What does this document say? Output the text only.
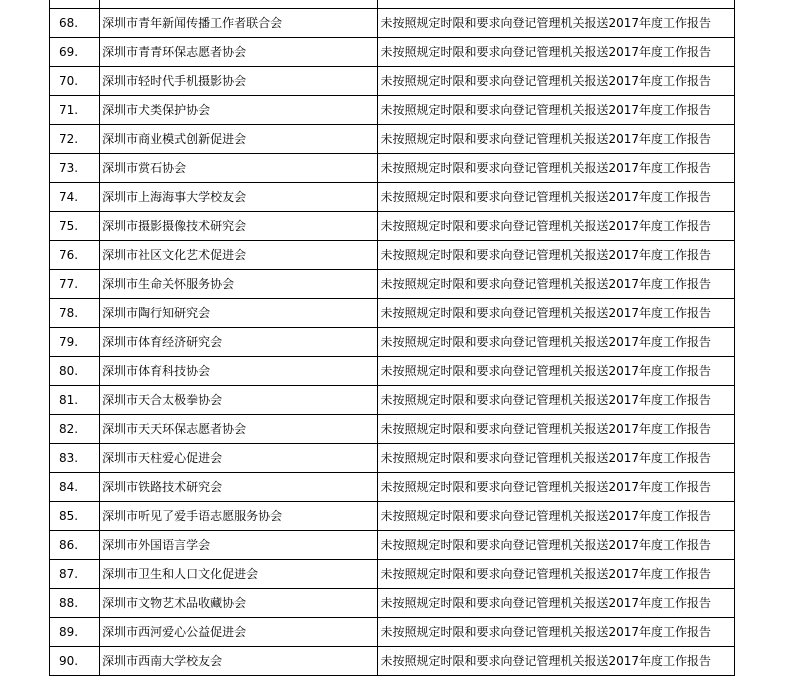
68.	深圳市青年新闻传播工作者联合会	未按照规定时限和要求向登记管理机关报送2017年度工作报告
69.	深圳市青青环保志愿者协会	未按照规定时限和要求向登记管理机关报送2017年度工作报告
70.	深圳市轻时代手机摄影协会	未按照规定时限和要求向登记管理机关报送2017年度工作报告
71.	深圳市犬类保护协会	未按照规定时限和要求向登记管理机关报送2017年度工作报告
72.	深圳市商业模式创新促进会	未按照规定时限和要求向登记管理机关报送2017年度工作报告
73.	深圳市赏石协会	未按照规定时限和要求向登记管理机关报送2017年度工作报告
74.	深圳市上海海事大学校友会	未按照规定时限和要求向登记管理机关报送2017年度工作报告
75.	深圳市摄影摄像技术研究会	未按照规定时限和要求向登记管理机关报送2017年度工作报告
76.	深圳市社区文化艺术促进会	未按照规定时限和要求向登记管理机关报送2017年度工作报告
77.	深圳市生命关怀服务协会	未按照规定时限和要求向登记管理机关报送2017年度工作报告
78.	深圳市陶行知研究会	未按照规定时限和要求向登记管理机关报送2017年度工作报告
79.	深圳市体育经济研究会	未按照规定时限和要求向登记管理机关报送2017年度工作报告
80.	深圳市体育科技协会	未按照规定时限和要求向登记管理机关报送2017年度工作报告
81.	深圳市天合太极拳协会	未按照规定时限和要求向登记管理机关报送2017年度工作报告
82.	深圳市天天环保志愿者协会	未按照规定时限和要求向登记管理机关报送2017年度工作报告
83.	深圳市天柱爱心促进会	未按照规定时限和要求向登记管理机关报送2017年度工作报告
84.	深圳市铁路技术研究会	未按照规定时限和要求向登记管理机关报送2017年度工作报告
85.	深圳市听见了爱手语志愿服务协会	未按照规定时限和要求向登记管理机关报送2017年度工作报告
86.	深圳市外国语言学会	未按照规定时限和要求向登记管理机关报送2017年度工作报告
87.	深圳市卫生和人口文化促进会	未按照规定时限和要求向登记管理机关报送2017年度工作报告
88.	深圳市文物艺术品收藏协会	未按照规定时限和要求向登记管理机关报送2017年度工作报告
89.	深圳市西河爱心公益促进会	未按照规定时限和要求向登记管理机关报送2017年度工作报告
90.	深圳市西南大学校友会	未按照规定时限和要求向登记管理机关报送2017年度工作报告
